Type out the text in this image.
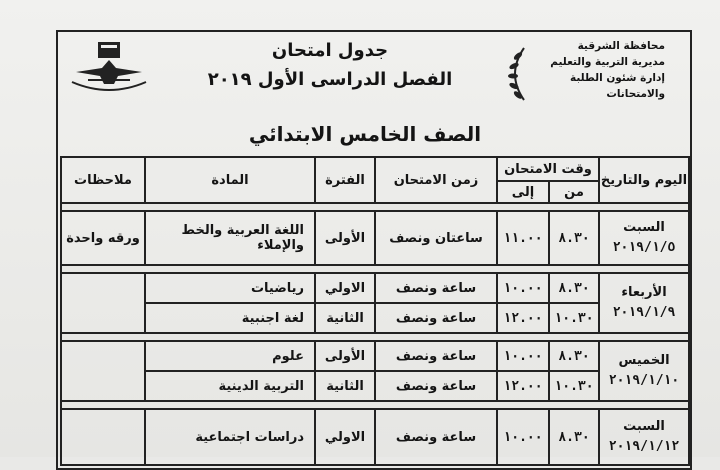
محافظة الشرقية
مديرية التربية والتعليم
إدارة شئون الطلبة والامتحانات
جدول امتحان
الفصل الدراسى الأول ٢٠١٩
الصف الخامس الابتدائي
اليوم والتاريخ	وقت الامتحان		زمن الامتحان	الفترة	المادة	ملاحظات
	من	إلى				

السبت
٢٠١٩/١/٥	٨.٣٠	١١.٠٠	ساعتان ونصف	الأولى	اللغة العربية والخط والإملاء	ورقه واحدة

الأربعاء
٢٠١٩/١/٩	٨.٣٠	١٠.٠٠	ساعة ونصف	الاولي	رياضيات	
	١٠.٣٠	١٢.٠٠	ساعة ونصف	الثانية	لغة اجنبية	

الخميس
٢٠١٩/١/١٠	٨.٣٠	١٠.٠٠	ساعة ونصف	الأولى	علوم	
	١٠.٣٠	١٢.٠٠	ساعة ونصف	الثانية	التربية الدينية	

السبت
٢٠١٩/١/١٢	٨.٣٠	١٠.٠٠	ساعة ونصف	الاولي	دراسات اجتماعية	
